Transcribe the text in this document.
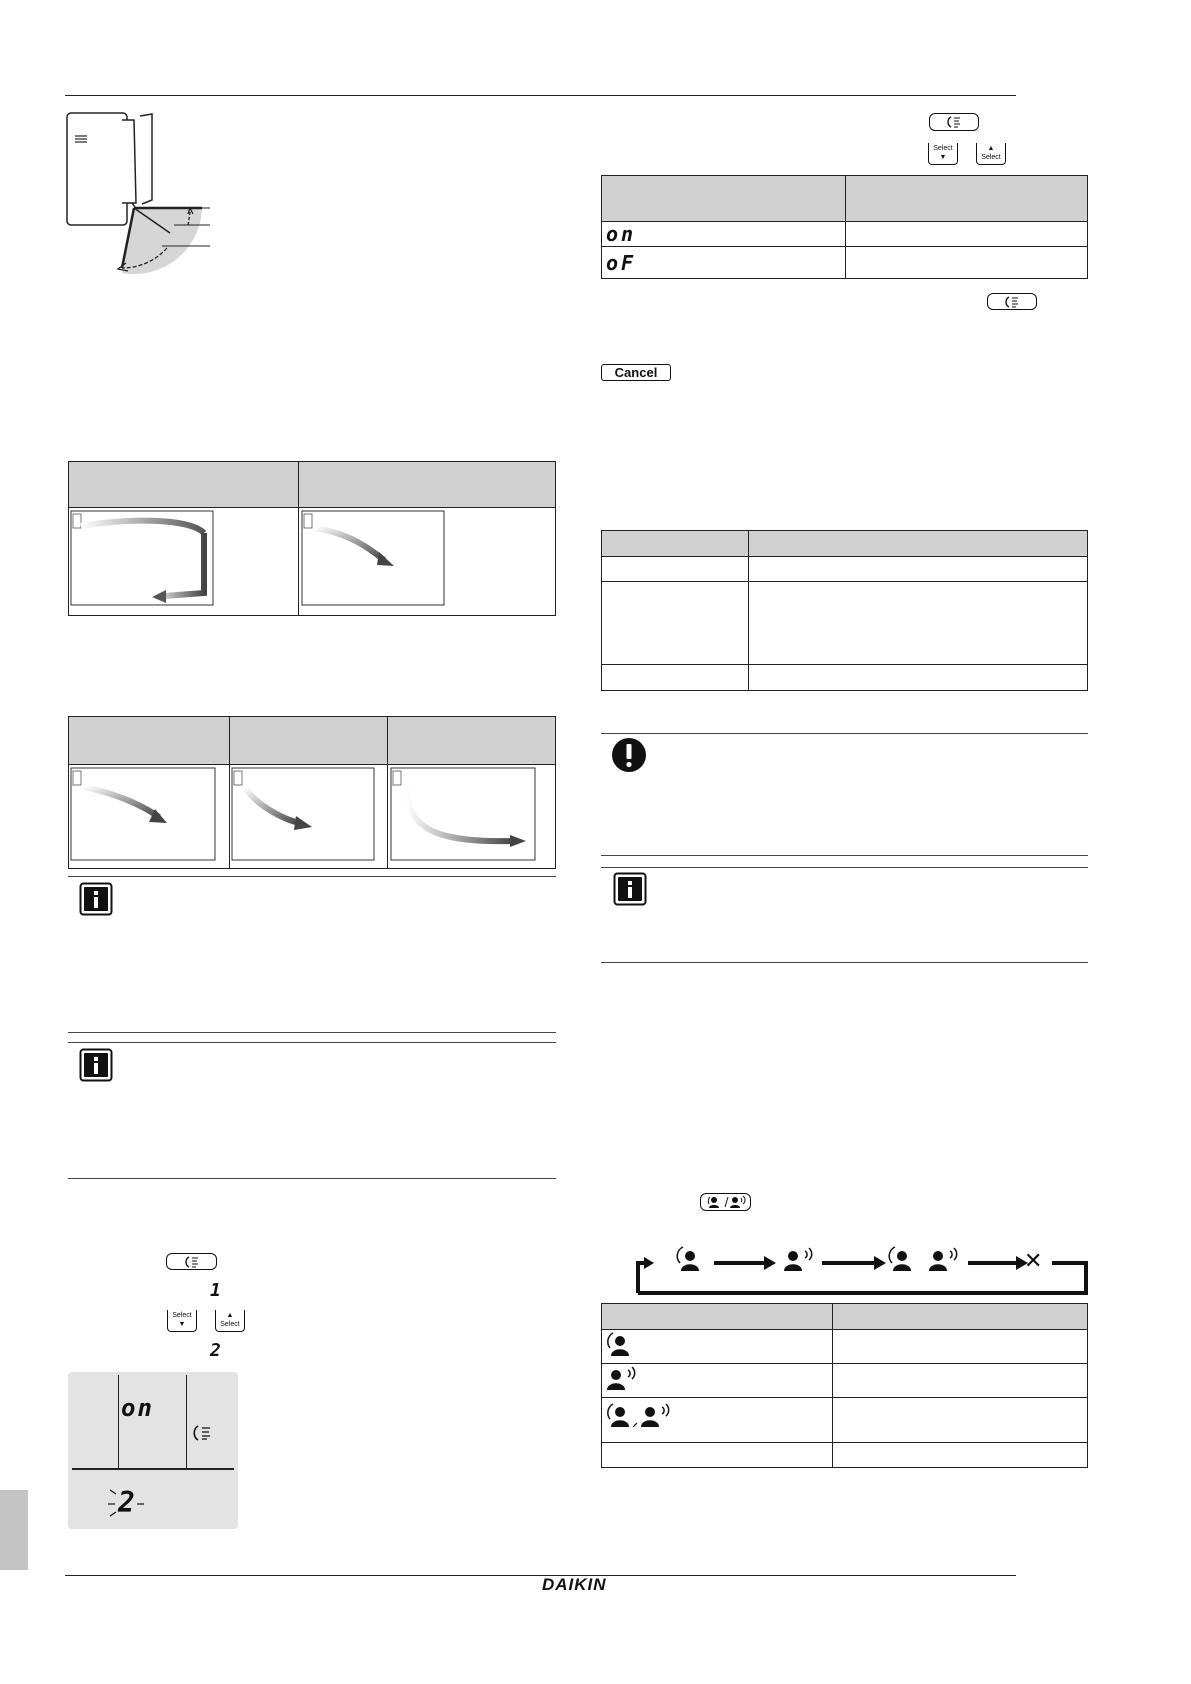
DAIKIN

1
Select
▼
▲
Select
2
on
2
Select
▼
▲
Select

on	
oF	
Cancel

✕
